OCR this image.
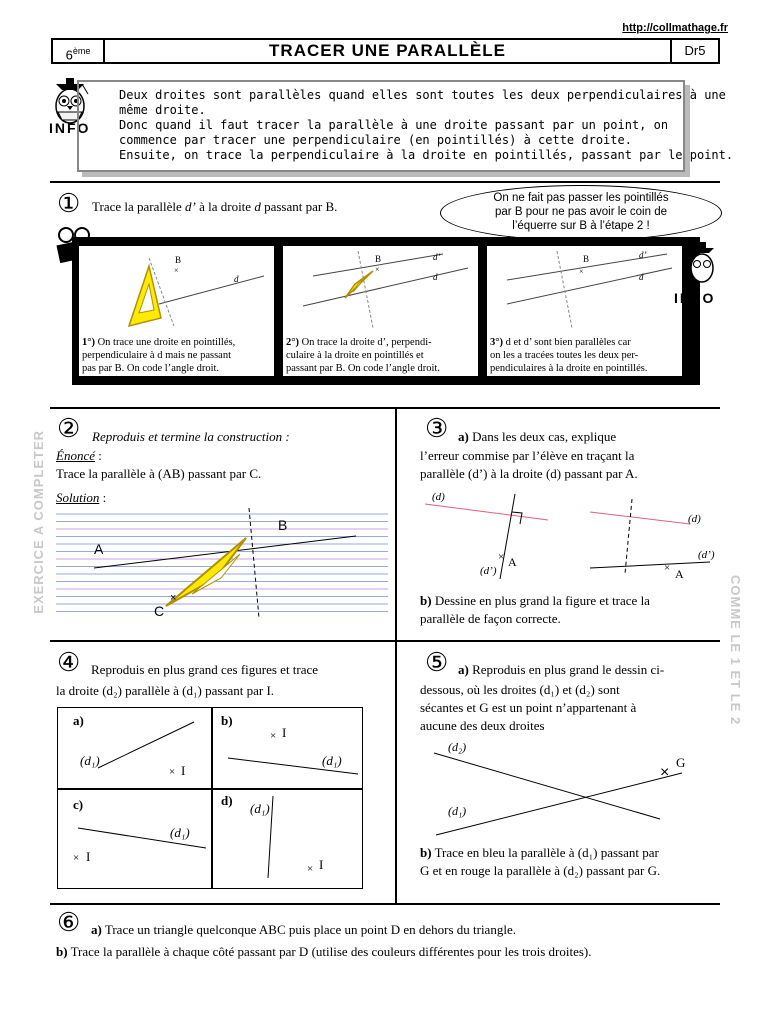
http://collmathage.fr
6ème	TRACER UNE PARALLÈLE	Dr5
INFO
Deux droites sont parallèles quand elles sont toutes les deux perpendiculaires à une
même droite.
Donc quand il faut tracer la parallèle à une droite passant par un point, on
commence par tracer une perpendiculaire (en pointillés) à cette droite.
Ensuite, on trace la perpendiculaire à la droite en pointillés, passant par le point.
① Trace la parallèle d’ à la droite d passant par B.
On ne fait pas passer les pointillés
par B pour ne pas avoir le coin de
l’équerre sur B à l’étape 2 !
×
B
d
1°) On trace une droite en pointillés,
perpendiculaire à d mais ne passant
pas par B. On code l’angle droit.
×
B	d’
d
2°) On trace la droite d’, perpendi-
culaire à la droite en pointillés et
passant par B. On code l’angle droit.
×
B	d’
d
3°) d et d’ sont bien parallèles car
on les a tracées toutes les deux per-
pendiculaires à la droite en pointillés.
INFO
EXERCICE A COMPLETER
COMME LE 1 ET LE 2
② Reproduis et termine la construction :
Énoncé :
Trace la parallèle à (AB) passant par C.
Solution :
×
A
B
C
③ a) Dans les deux cas, explique
l’erreur commise par l’élève en traçant la
parallèle (d’) à la droite (d) passant par A.
×
(d)
(d’)
A	×
(d)
(d’)
A
b) Dessine en plus grand la figure et trace la
parallèle de façon correcte.
④ Reproduis en plus grand ces figures et trace
la droite (d₂) parallèle à (d₁) passant par I.
×
×
×
×
a)	b)
c)	d)
(d₁)	(d₁)
(d₁)
(d₁)
I
I
I
I
⑤ a) Reproduis en plus grand le dessin ci-
dessous, où les droites (d₁) et (d₂) sont
sécantes et G est un point n’appartenant à
aucune des deux droites
×
G
(d₂)
(d₁)
b) Trace en bleu la parallèle à (d₁) passant par
G et en rouge la parallèle à (d₂) passant par G.
⑥ a) Trace un triangle quelconque ABC puis place un point D en dehors du triangle.
b) Trace la parallèle à chaque côté passant par D (utilise des couleurs différentes pour les trois droites).
